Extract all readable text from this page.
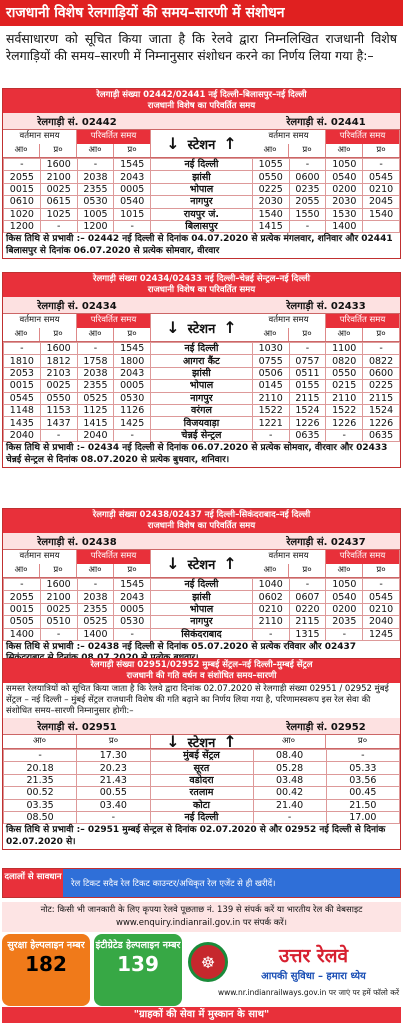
राजधानी विशेष रेलगाड़ियों की समय–सारणी में संशोधन
सर्वसाधारण को सूचित किया जाता है कि रेलवे द्वारा निम्नलिखित राजधानी विशेष रेलगाड़ियों की समय–सारणी में निम्नानुसार संशोधन करने का निर्णय लिया गया है:–
रेलगाड़ी संख्या 02442/02441 नई दिल्ली–बिलासपुर–नई दिल्ली
राजधानी विशेष का परिवर्तित समय
रेलगाड़ी सं. 02442	रेलगाड़ी सं. 02441
वर्तमान समय	परिवर्तित समय
आ०	प्र०	आ०	प्र०	↓ स्टेशन ↑	वर्तमान समय	परिवर्तित समय
आ०	प्र०	आ०	प्र०
-	1600	-	1545	नई दिल्ली	1055	-	1050	-
2055	2100	2038	2043	झांसी	0550	0600	0540	0545
0015	0025	2355	0005	भोपाल	0225	0235	0200	0210
0610	0615	0530	0540	नागपुर	2030	2055	2030	2045
1020	1025	1005	1015	रायपुर जं.	1540	1550	1530	1540
1200	-	1200	-	बिलासपुर	1415	-	1400	
किस तिथि से प्रभावी :– 02442 नई दिल्ली से दिनांक 04.07.2020 से प्रत्येक मंगलवार, शनिवार और 02441 बिलासपुर से दिनांक 06.07.2020 से प्रत्येक सोमवार, वीरवार
रेलगाड़ी संख्या 02434/02433 नई दिल्ली–चेन्नई सेन्ट्रल–नई दिल्ली
राजधानी विशेष का परिवर्तित समय
रेलगाड़ी सं. 02434	रेलगाड़ी सं. 02433
वर्तमान समय	परिवर्तित समय
आ०	प्र०	आ०	प्र०	↓ स्टेशन ↑	वर्तमान समय	परिवर्तित समय
आ०	प्र०	आ०	प्र०
-	1600	-	1545	नई दिल्ली	1030	-	1100	-
1810	1812	1758	1800	आगरा कैंट	0755	0757	0820	0822
2053	2103	2038	2043	झांसी	0506	0511	0550	0600
0015	0025	2355	0005	भोपाल	0145	0155	0215	0225
0545	0550	0525	0530	नागपुर	2110	2115	2110	2115
1148	1153	1125	1126	वरंगल	1522	1524	1522	1524
1435	1437	1415	1425	विजयवाड़ा	1221	1226	1226	1226
2040	-	2040	-	चेन्नई सेन्ट्रल	-	0635	-	0635
किस तिथि से प्रभावी :– 02434 नई दिल्ली से दिनांक 06.07.2020 से प्रत्येक सोमवार, वीरवार और 02433 चेन्नई सेन्ट्रल से दिनांक 08.07.2020 से प्रत्येक बुधवार, शनिवार।
रेलगाड़ी संख्या 02438/02437 नई दिल्ली–सिकंदराबाद–नई दिल्ली
राजधानी विशेष का परिवर्तित समय
रेलगाड़ी सं. 02438	रेलगाड़ी सं. 02437
वर्तमान समय	परिवर्तित समय
आ०	प्र०	आ०	प्र०	↓ स्टेशन ↑	वर्तमान समय	परिवर्तित समय
आ०	प्र०	आ०	प्र०
-	1600	-	1545	नई दिल्ली	1040	-	1050	-
2055	2100	2038	2043	झांसी	0602	0607	0540	0545
0015	0025	2355	0005	भोपाल	0210	0220	0200	0210
0505	0510	0525	0530	नागपुर	2110	2115	2035	2040
1400	-	1400	-	सिकंदराबाद	-	1315	-	1245
किस तिथि से प्रभावी :– 02438 नई दिल्ली से दिनांक 05.07.2020 से प्रत्येक रविवार और 02437
रेलगाड़ी संख्या 02951/02952 मुम्बई सेंट्रल–नई दिल्ली–मुम्बई सेंट्रल
राजधानी की गति वर्धन व संशोधित समय–सारणी
समस्त रेलयात्रियों को सूचित किया जाता है कि रेलवे द्वारा दिनांक 02.07.2020 से रेलगाड़ी संख्या 02951 / 02952 मुंबई सेंट्रल – नई दिल्ली – मुंबई सेंट्रल राजधानी विशेष की गति बढ़ाने का निर्णय लिया गया है, परिणामस्वरूप इस रेल सेवा की संशोधित समय–सारणी निम्नानुसार होगी:–
रेलगाड़ी सं. 02951	रेलगाड़ी सं. 02952
आ०	प्र०	↓ स्टेशन ↑	आ०	प्र०
-	17.30	मुंबई सेंट्रल	08.40	-
20.18	20.23	सूरत	05.28	05.33
21.35	21.43	वडोदरा	03.48	03.56
00.52	00.55	रतलाम	00.42	00.45
03.35	03.40	कोटा	21.40	21.50
08.50	-	नई दिल्ली	-	17.00
किस तिथि से प्रभावी :– 02951 मुम्बई सेन्ट्रल से दिनांक 02.07.2020 से और 02952 नई दिल्ली से दिनांक 02.07.2020 से।
दलालों से सावधान
रेल टिकट सदैव रेल टिकट काउन्टर/अधिकृत रेल एजेंट से ही खरीदें।
नोट: किसी भी जानकारी के लिए कृपया रेलवे पूछताछ नं. 139 से संपर्क करें या भारतीय रेल की वेबसाइट www.enquiry.indianrail.gov.in पर संपर्क करें।
सुरक्षा हेल्पलाइन नम्बर
182
इंटीग्रेटेड हेल्पलाइन नम्बर
139	☸	उत्तर रेलवे
आपकी सुविधा – हमारा ध्येय
www.nr.indianrailways.gov.in पर जाएं पर हमें फॉलो करें
"ग्राहकों की सेवा में मुस्कान के साथ"
